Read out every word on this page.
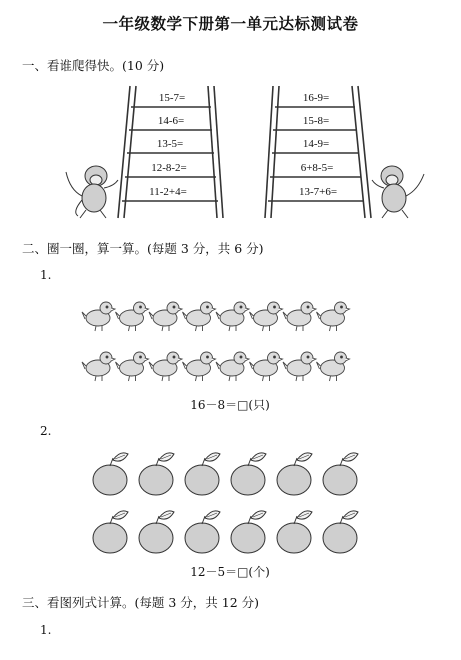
一年级数学下册第一单元达标测试卷
一、看谁爬得快。(10 分)
15-7=
14-6=
13-5=
12-8-2=
11-2+4=
16-9=
15-8=
14-9=
6+8-5=
13-7+6=
二、圈一圈，算一算。(每题 3 分，共 6 分)
1.
16－8＝□(只)
2.
12－5＝□(个)
三、看图列式计算。(每题 3 分，共 12 分)
1.
